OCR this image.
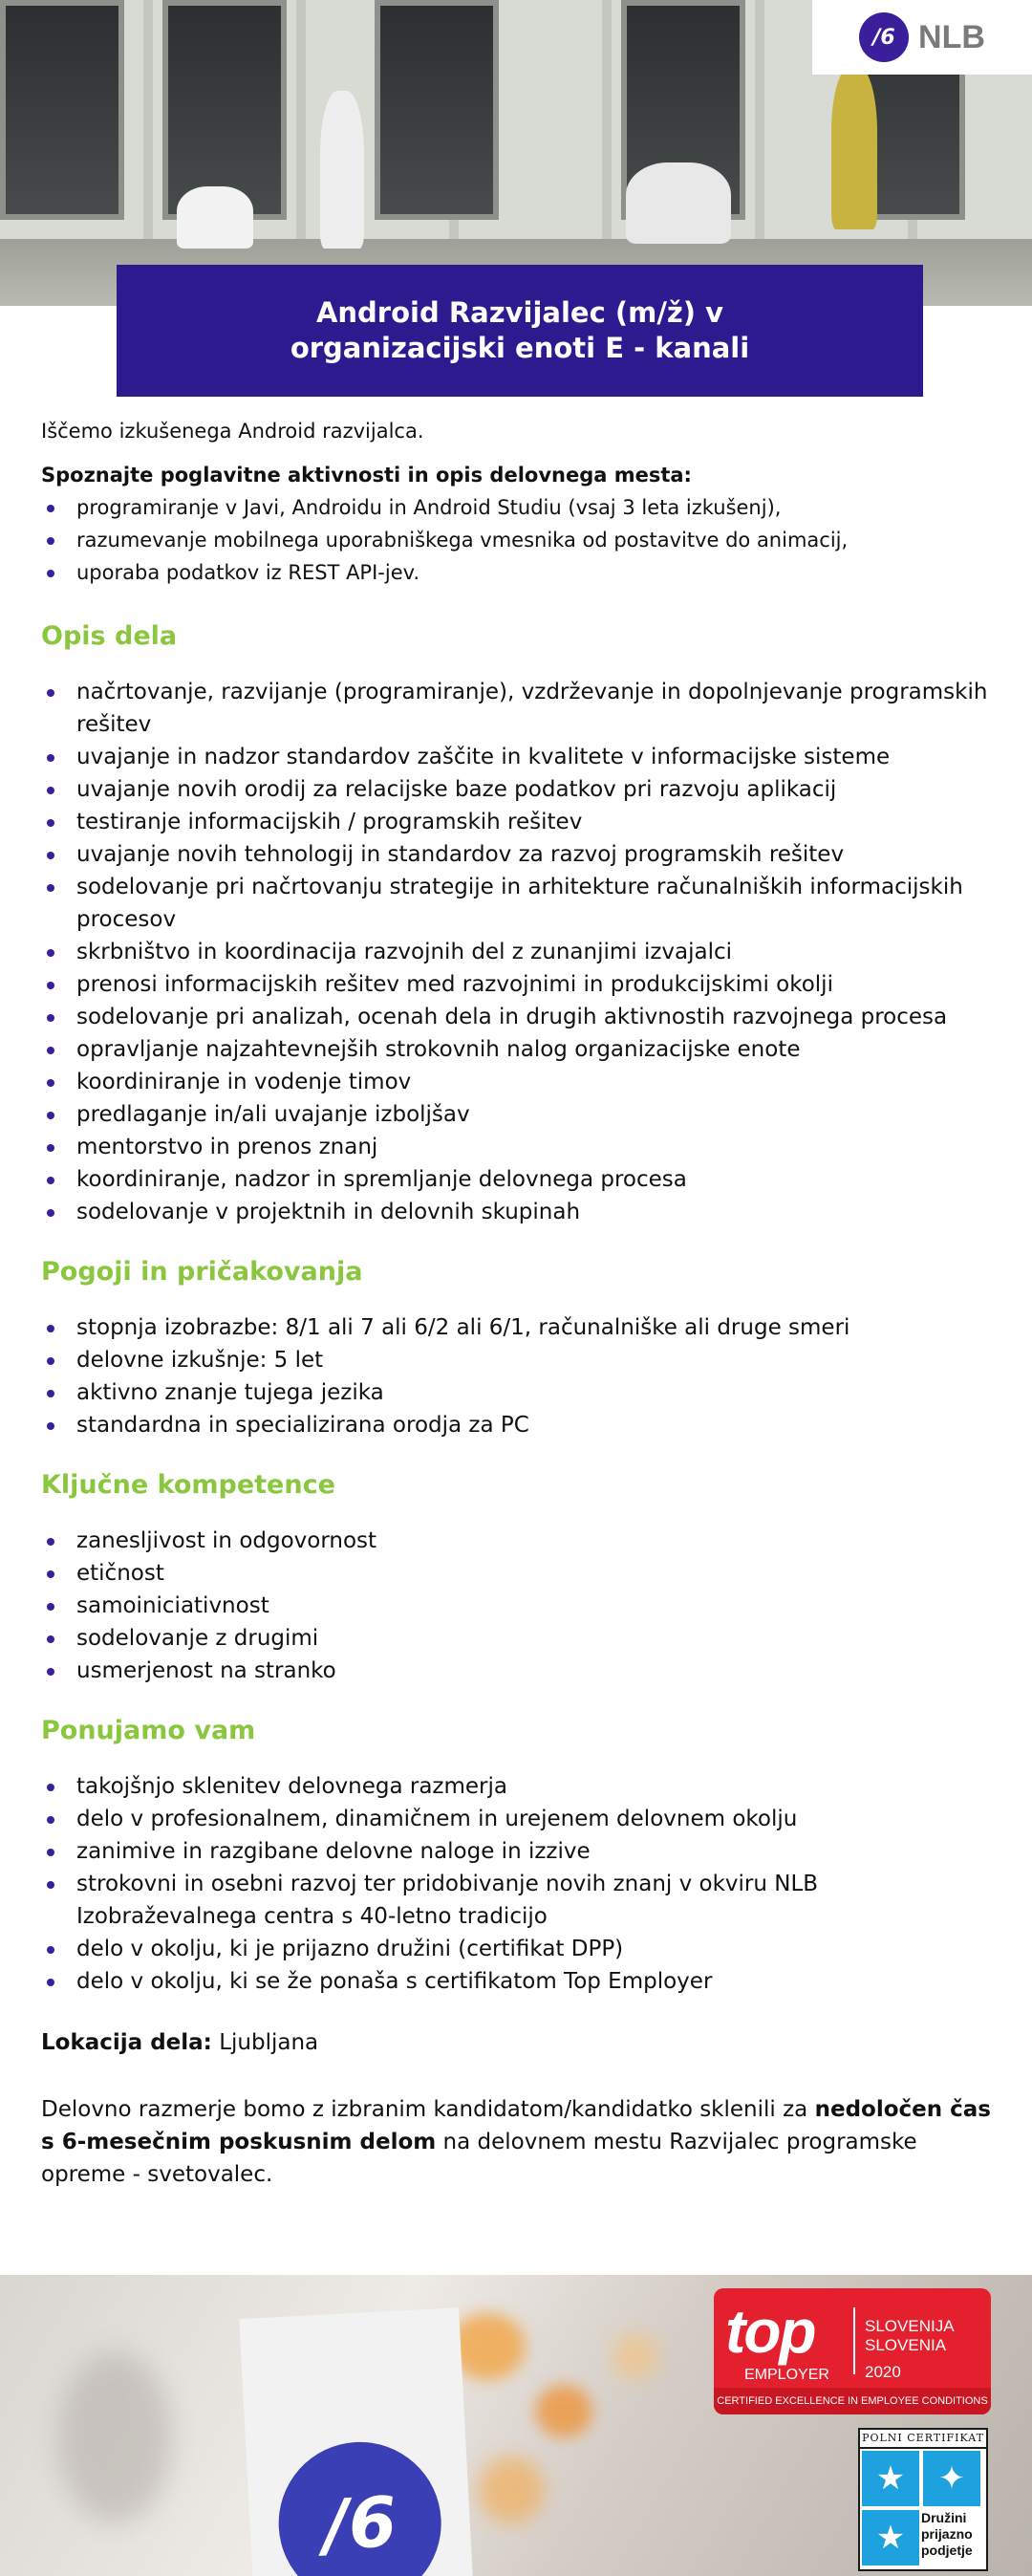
/6 NLB
Android Razvijalec (m/ž) v organizacijski enoti E - kanali

Iščemo izkušenega Android razvijalca.

Spoznajte poglavitne aktivnosti in opis delovnega mesta:

programiranje v Javi, Androidu in Android Studiu (vsaj 3 leta izkušenj),
razumevanje mobilnega uporabniškega vmesnika od postavitve do animacij,
uporaba podatkov iz REST API-jev.
Opis dela
načrtovanje, razvijanje (programiranje), vzdrževanje in dopolnjevanje programskih rešitev
uvajanje in nadzor standardov zaščite in kvalitete v informacijske sisteme
uvajanje novih orodij za relacijske baze podatkov pri razvoju aplikacij
testiranje informacijskih / programskih rešitev
uvajanje novih tehnologij in standardov za razvoj programskih rešitev
sodelovanje pri načrtovanju strategije in arhitekture računalniških informacijskih procesov
skrbništvo in koordinacija razvojnih del z zunanjimi izvajalci
prenosi informacijskih rešitev med razvojnimi in produkcijskimi okolji
sodelovanje pri analizah, ocenah dela in drugih aktivnostih razvojnega procesa
opravljanje najzahtevnejših strokovnih nalog organizacijske enote
koordiniranje in vodenje timov
predlaganje in/ali uvajanje izboljšav
mentorstvo in prenos znanj
koordiniranje, nadzor in spremljanje delovnega procesa
sodelovanje v projektnih in delovnih skupinah
Pogoji in pričakovanja
stopnja izobrazbe: 8/1 ali 7 ali 6/2 ali 6/1, računalniške ali druge smeri
delovne izkušnje: 5 let
aktivno znanje tujega jezika
standardna in specializirana orodja za PC
Ključne kompetence
zanesljivost in odgovornost
etičnost
samoiniciativnost
sodelovanje z drugimi
usmerjenost na stranko
Ponujamo vam
takojšnjo sklenitev delovnega razmerja
delo v profesionalnem, dinamičnem in urejenem delovnem okolju
zanimive in razgibane delovne naloge in izzive
strokovni in osebni razvoj ter pridobivanje novih znanj v okviru NLB Izobraževalnega centra s 40-letno tradicijo
delo v okolju, ki je prijazno družini (certifikat DPP)
delo v okolju, ki se že ponaša s certifikatom Top Employer

Lokacija dela: Ljubljana

Delovno razmerje bomo z izbranim kandidatom/kandidatko sklenili za nedoločen čas s 6-mesečnim poskusnim delom na delovnem mestu Razvijalec programske opreme - svetovalec.

/6
top
EMPLOYER
SLOVENIJA
SLOVENIA
2020
CERTIFIED EXCELLENCE IN EMPLOYEE CONDITIONS
POLNI CERTIFIKAT
★	✦
★
Družini prijazno podjetje
